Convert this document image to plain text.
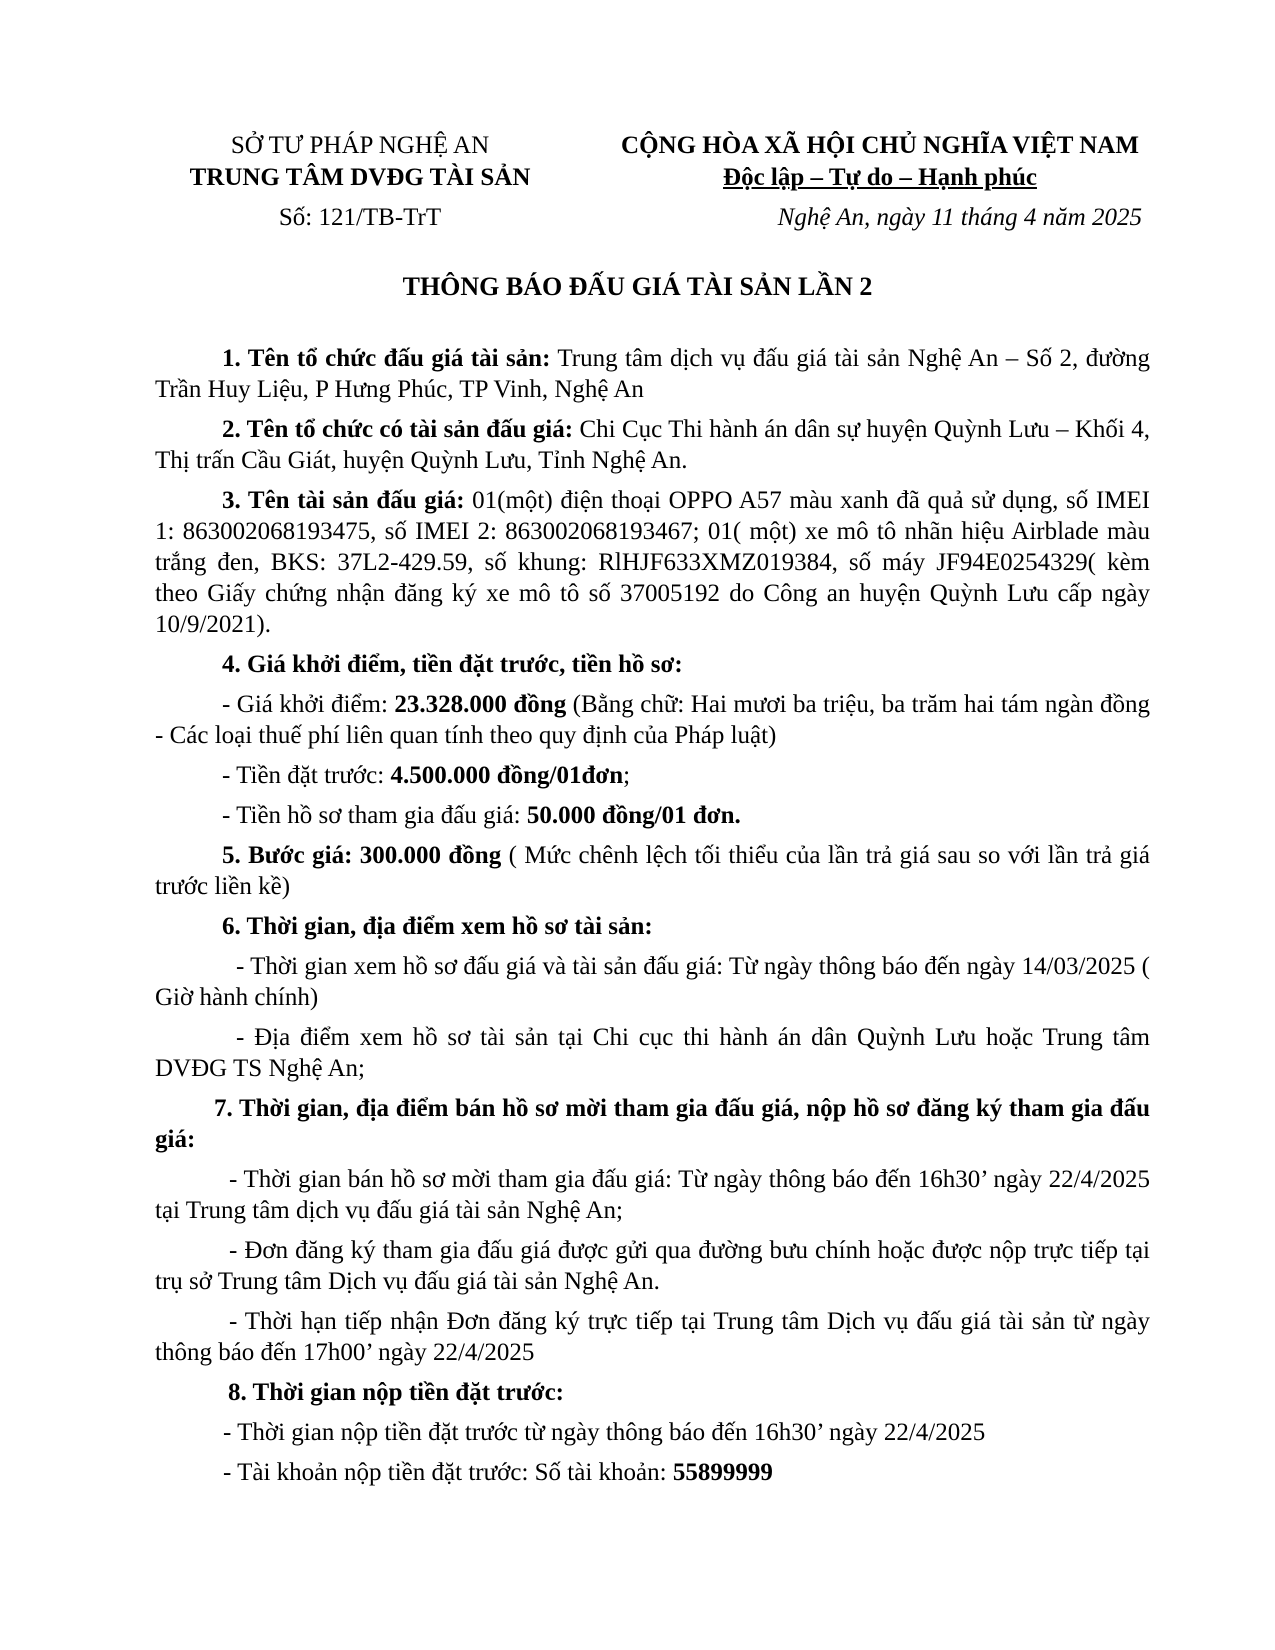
SỞ TƯ PHÁP NGHỆ AN
TRUNG TÂM DVĐG TÀI SẢN
CỘNG HÒA XÃ HỘI CHỦ NGHĨA VIỆT NAM
Độc lập – Tự do – Hạnh phúc
Số: 121/TB-TrT	Nghệ An, ngày 11 tháng 4 năm 2025
THÔNG BÁO ĐẤU GIÁ TÀI SẢN LẦN 2

1. Tên tổ chức đấu giá tài sản: Trung tâm dịch vụ đấu giá tài sản Nghệ An – Số 2, đường Trần Huy Liệu, P Hưng Phúc, TP Vinh, Nghệ An

2. Tên tổ chức có tài sản đấu giá: Chi Cục Thi hành án dân sự huyện Quỳnh Lưu – Khối 4, Thị trấn Cầu Giát, huyện Quỳnh Lưu, Tỉnh Nghệ An.

3. Tên tài sản đấu giá: 01(một) điện thoại OPPO A57 màu xanh đã quả sử dụng, số IMEI 1: 863002068193475, số IMEI 2: 863002068193467; 01( một) xe mô tô nhãn hiệu Airblade màu trắng đen, BKS: 37L2-429.59, số khung: RlHJF633XMZ019384, số máy JF94E0254329( kèm theo Giấy chứng nhận đăng ký xe mô tô số 37005192 do Công an huyện Quỳnh Lưu cấp ngày 10/9/2021).

4. Giá khởi điểm, tiền đặt trước, tiền hồ sơ:

- Giá khởi điểm: 23.328.000 đồng (Bằng chữ: Hai mươi ba triệu, ba trăm hai tám ngàn đồng - Các loại thuế phí liên quan tính theo quy định của Pháp luật)

- Tiền đặt trước: 4.500.000 đồng/01đơn;

- Tiền hồ sơ tham gia đấu giá: 50.000 đồng/01 đơn.

5. Bước giá: 300.000 đồng ( Mức chênh lệch tối thiểu của lần trả giá sau so với lần trả giá trước liền kề)

6. Thời gian, địa điểm xem hồ sơ tài sản:

- Thời gian xem hồ sơ đấu giá và tài sản đấu giá: Từ ngày thông báo đến ngày 14/03/2025 ( Giờ hành chính)

- Địa điểm xem hồ sơ tài sản tại Chi cục thi hành án dân Quỳnh Lưu hoặc Trung tâm DVĐG TS Nghệ An;

7. Thời gian, địa điểm bán hồ sơ mời tham gia đấu giá, nộp hồ sơ đăng ký tham gia đấu giá:

- Thời gian bán hồ sơ mời tham gia đấu giá: Từ ngày thông báo đến 16h30’ ngày 22/4/2025 tại Trung tâm dịch vụ đấu giá tài sản Nghệ An;

- Đơn đăng ký tham gia đấu giá được gửi qua đường bưu chính hoặc được nộp trực tiếp tại trụ sở Trung tâm Dịch vụ đấu giá tài sản Nghệ An.

- Thời hạn tiếp nhận Đơn đăng ký trực tiếp tại Trung tâm Dịch vụ đấu giá tài sản từ ngày thông báo đến 17h00’ ngày 22/4/2025

8. Thời gian nộp tiền đặt trước:

- Thời gian nộp tiền đặt trước từ ngày thông báo đến 16h30’ ngày 22/4/2025

- Tài khoản nộp tiền đặt trước: Số tài khoản: 55899999
